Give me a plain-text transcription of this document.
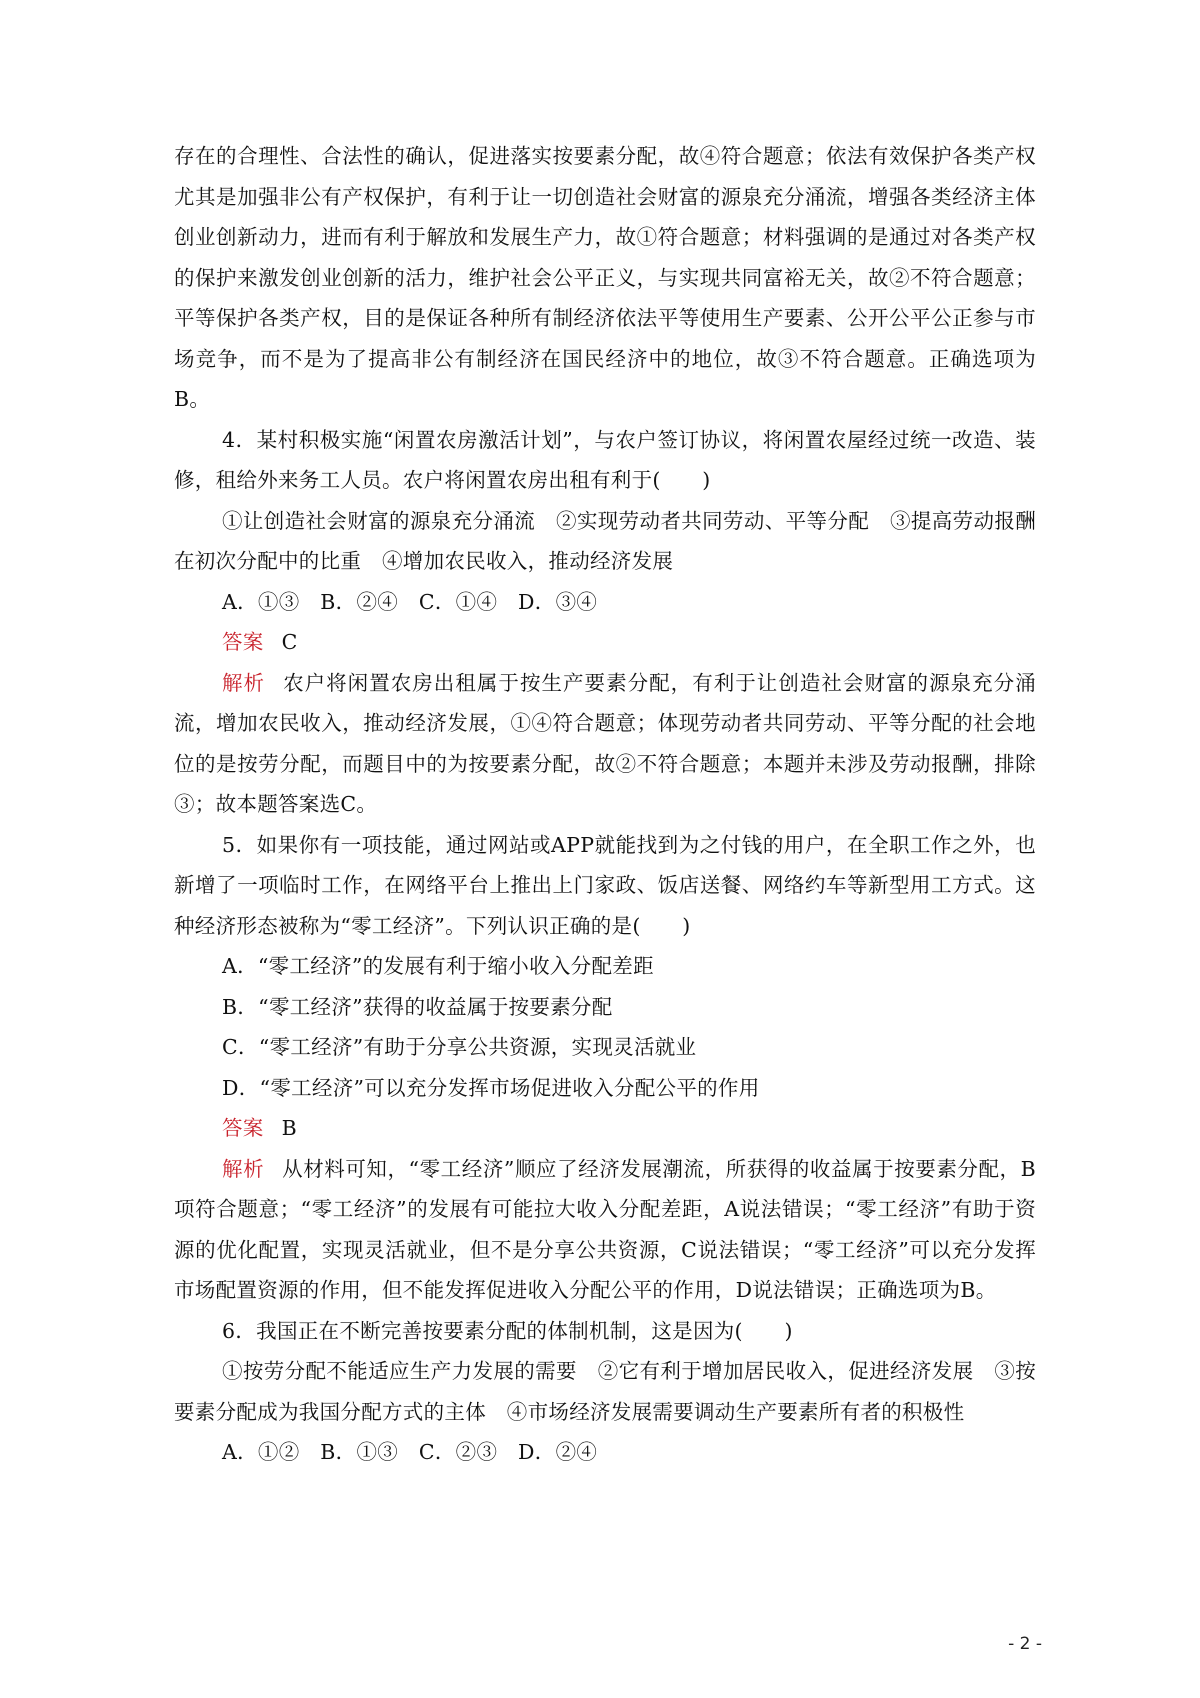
存在的合理性、合法性的确认，促进落实按要素分配，故④符合题意；依法有效保护各类产权尤其是加强非公有产权保护，有利于让一切创造社会财富的源泉充分涌流，增强各类经济主体创业创新动力，进而有利于解放和发展生产力，故①符合题意；材料强调的是通过对各类产权的保护来激发创业创新的活力，维护社会公平正义，与实现共同富裕无关，故②不符合题意；平等保护各类产权，目的是保证各种所有制经济依法平等使用生产要素、公开公平公正参与市场竞争，而不是为了提高非公有制经济在国民经济中的地位，故③不符合题意。正确选项为B。

4．某村积极实施“闲置农房激活计划”，与农户签订协议，将闲置农屋经过统一改造、装修，租给外来务工人员。农户将闲置农房出租有利于(　　)

①让创造社会财富的源泉充分涌流　②实现劳动者共同劳动、平等分配　③提高劳动报酬在初次分配中的比重　④增加农民收入，推动经济发展

A．①③　B．②④　C．①④　D．③④

答案 C

解析 农户将闲置农房出租属于按生产要素分配，有利于让创造社会财富的源泉充分涌流，增加农民收入，推动经济发展，①④符合题意；体现劳动者共同劳动、平等分配的社会地位的是按劳分配，而题目中的为按要素分配，故②不符合题意；本题并未涉及劳动报酬，排除③；故本题答案选C。

5．如果你有一项技能，通过网站或APP就能找到为之付钱的用户，在全职工作之外，也新增了一项临时工作，在网络平台上推出上门家政、饭店送餐、网络约车等新型用工方式。这种经济形态被称为“零工经济”。下列认识正确的是(　　)

A．“零工经济”的发展有利于缩小收入分配差距

B．“零工经济”获得的收益属于按要素分配

C．“零工经济”有助于分享公共资源，实现灵活就业

D．“零工经济”可以充分发挥市场促进收入分配公平的作用

答案 B

解析 从材料可知，“零工经济”顺应了经济发展潮流，所获得的收益属于按要素分配，B项符合题意；“零工经济”的发展有可能拉大收入分配差距，A说法错误；“零工经济”有助于资源的优化配置，实现灵活就业，但不是分享公共资源，C说法错误；“零工经济”可以充分发挥市场配置资源的作用，但不能发挥促进收入分配公平的作用，D说法错误；正确选项为B。

6．我国正在不断完善按要素分配的体制机制，这是因为(　　)

①按劳分配不能适应生产力发展的需要　②它有利于增加居民收入，促进经济发展　③按要素分配成为我国分配方式的主体　④市场经济发展需要调动生产要素所有者的积极性

A．①②　B．①③　C．②③　D．②④

- 2 -
